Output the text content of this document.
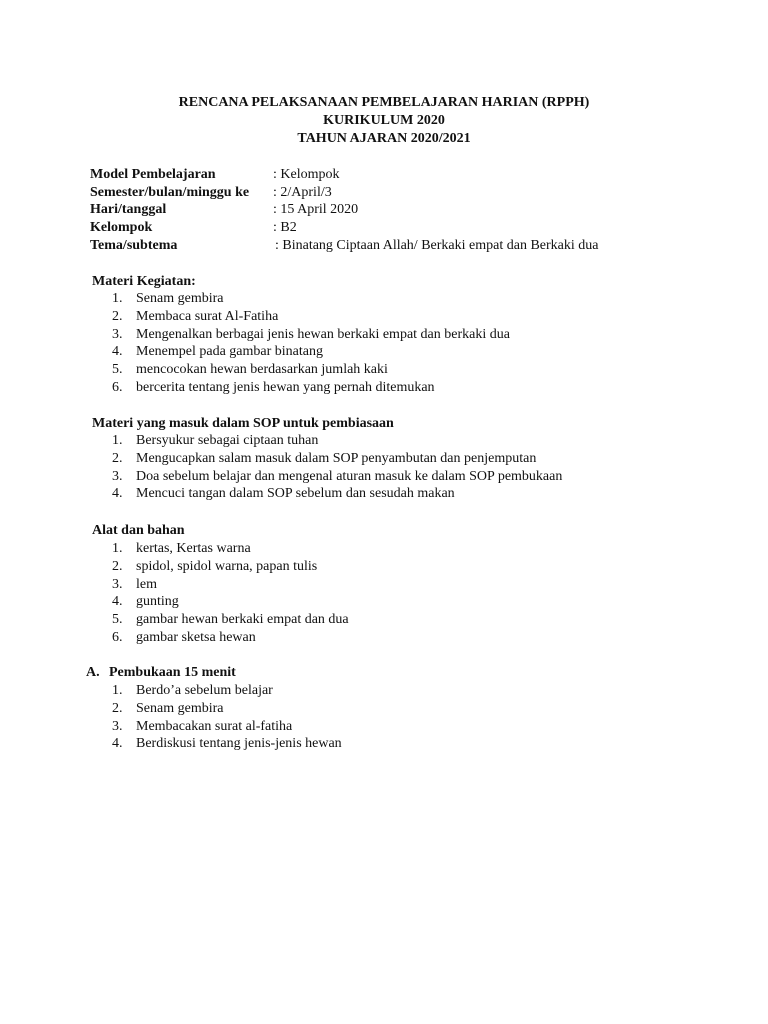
RENCANA PELAKSANAAN PEMBELAJARAN HARIAN (RPPH)
KURIKULUM 2020
TAHUN AJARAN 2020/2021
Model Pembelajaran	: Kelompok
Semester/bulan/minggu ke : 2/April/3
Hari/tanggal	: 15 April 2020
Kelompok	: B2
Tema/subtema	: Binatang Ciptaan Allah/ Berkaki empat dan Berkaki dua
Materi Kegiatan:
1. Senam gembira
2. Membaca surat Al-Fatiha
3. Mengenalkan berbagai jenis hewan berkaki empat dan berkaki dua
4. Menempel pada gambar binatang
5. mencocokan hewan berdasarkan jumlah kaki
6. bercerita tentang jenis hewan yang pernah ditemukan
Materi yang masuk dalam SOP untuk pembiasaan
1. Bersyukur sebagai ciptaan tuhan
2. Mengucapkan salam masuk dalam SOP penyambutan dan penjemputan
3. Doa sebelum belajar dan mengenal aturan masuk ke dalam SOP pembukaan
4. Mencuci tangan dalam SOP sebelum dan sesudah makan
Alat dan bahan
1. kertas, Kertas warna
2. spidol, spidol warna, papan tulis
3. lem
4. gunting
5. gambar hewan berkaki empat dan dua
6. gambar sketsa hewan
A. Pembukaan 15 menit
1. Berdo’a sebelum belajar
2. Senam gembira
3. Membacakan surat al-fatiha
4. Berdiskusi tentang jenis-jenis hewan
